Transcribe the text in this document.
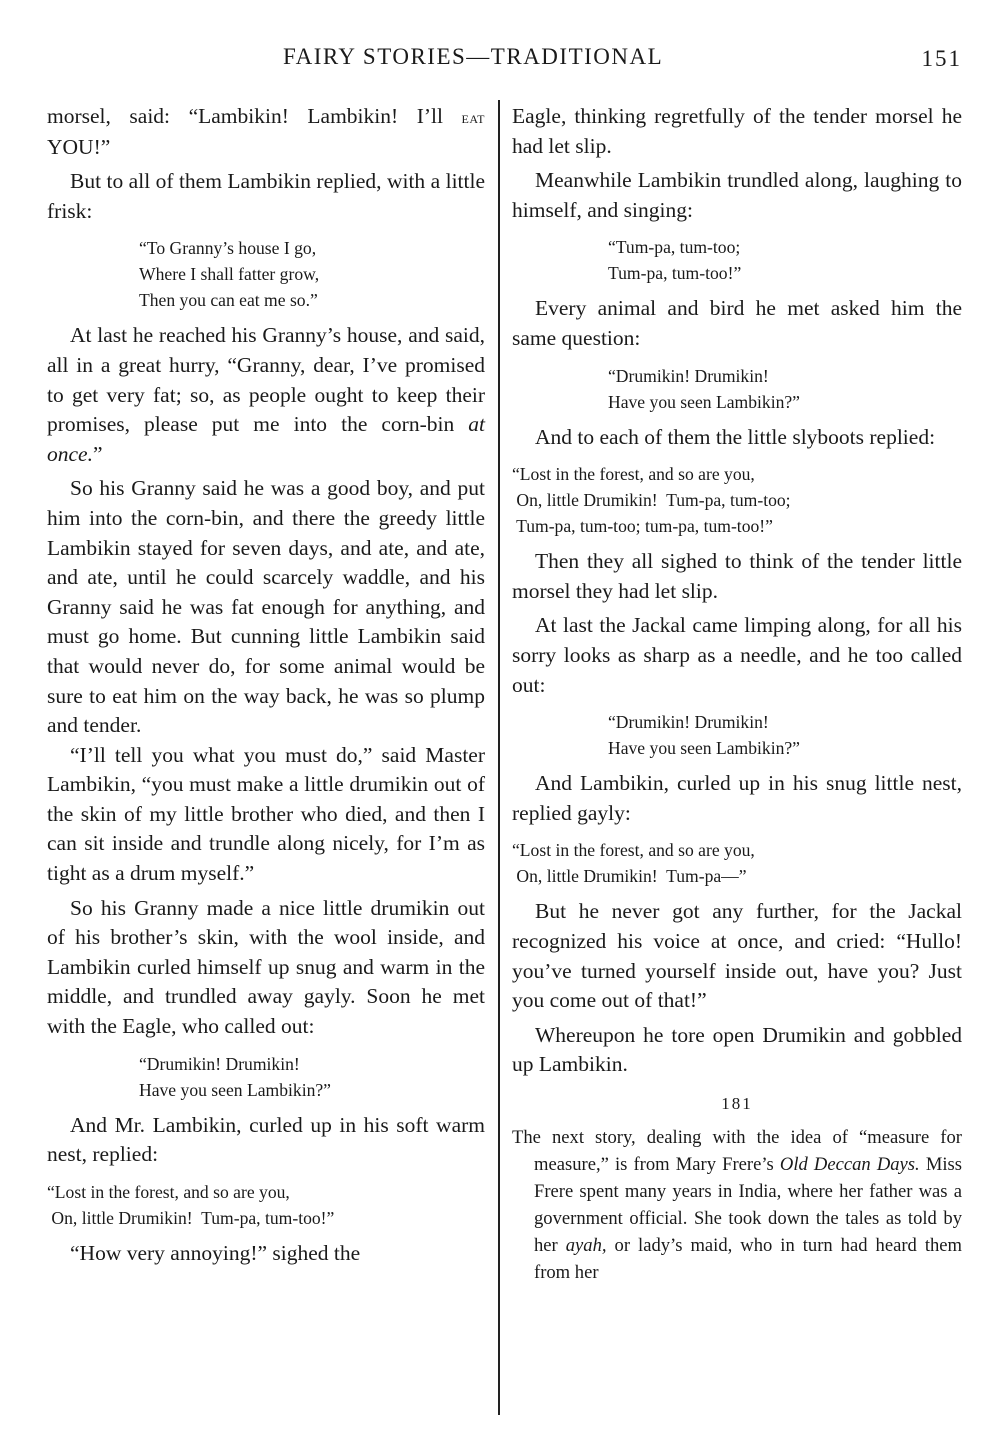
FAIRY STORIES—TRADITIONAL	151

morsel, said: “Lambikin! Lambikin! I’ll eat YOU!”

But to all of them Lambikin replied, with a little frisk:

“To Granny’s house I go,
Where I shall fatter grow,
Then you can eat me so.”

At last he reached his Granny’s house, and said, all in a great hurry, “Granny, dear, I’ve promised to get very fat; so, as people ought to keep their promises, please put me into the corn-bin at once.”

So his Granny said he was a good boy, and put him into the corn-bin, and there the greedy little Lambikin stayed for seven days, and ate, and ate, and ate, until he could scarcely waddle, and his Granny said he was fat enough for anything, and must go home. But cunning little Lambikin said that would never do, for some animal would be sure to eat him on the way back, he was so plump and tender.

“I’ll tell you what you must do,” said Master Lambikin, “you must make a little drumikin out of the skin of my little brother who died, and then I can sit inside and trundle along nicely, for I’m as tight as a drum myself.”

So his Granny made a nice little drumikin out of his brother’s skin, with the wool inside, and Lambikin curled himself up snug and warm in the middle, and trundled away gayly. Soon he met with the Eagle, who called out:

“Drumikin! Drumikin!
Have you seen Lambikin?”

And Mr. Lambikin, curled up in his soft warm nest, replied:

“Lost in the forest, and so are you,
On, little Drumikin!  Tum-pa, tum-too!”

“How very annoying!” sighed the

Eagle, thinking regretfully of the tender morsel he had let slip.

Meanwhile Lambikin trundled along, laughing to himself, and singing:

“Tum-pa, tum-too;
Tum-pa, tum-too!”

Every animal and bird he met asked him the same question:

“Drumikin! Drumikin!
Have you seen Lambikin?”

And to each of them the little slyboots replied:

“Lost in the forest, and so are you,
On, little Drumikin!  Tum-pa, tum-too;
Tum-pa, tum-too; tum-pa, tum-too!”

Then they all sighed to think of the tender little morsel they had let slip.

At last the Jackal came limping along, for all his sorry looks as sharp as a needle, and he too called out:

“Drumikin! Drumikin!
Have you seen Lambikin?”

And Lambikin, curled up in his snug little nest, replied gayly:

“Lost in the forest, and so are you,
On, little Drumikin!  Tum-pa—”

But he never got any further, for the Jackal recognized his voice at once, and cried: “Hullo! you’ve turned yourself inside out, have you? Just you come out of that!”

Whereupon he tore open Drumikin and gobbled up Lambikin.

181

The next story, dealing with the idea of “measure for measure,” is from Mary Frere’s Old Deccan Days. Miss Frere spent many years in India, where her father was a government official. She took down the tales as told by her ayah, or lady’s maid, who in turn had heard them from her
